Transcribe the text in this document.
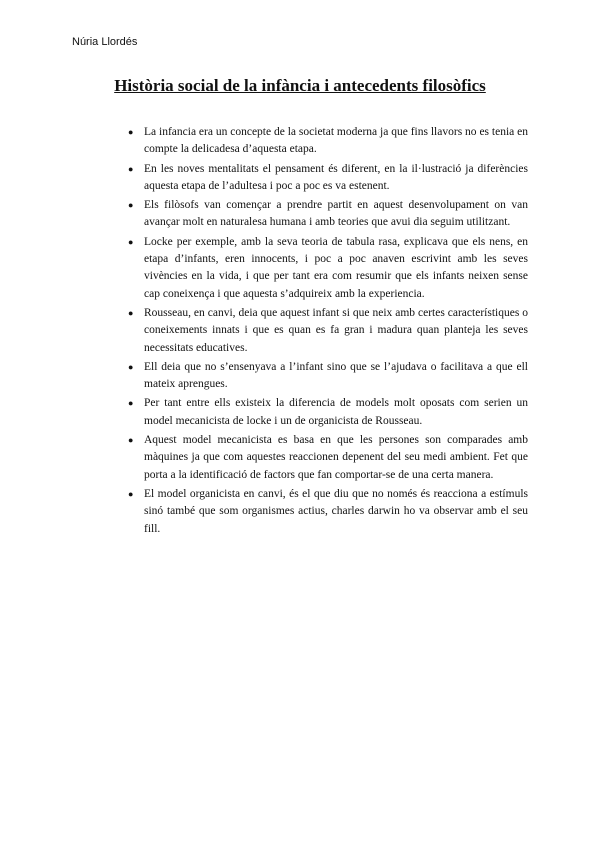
Núria Llordés
Història social de la infància i antecedents filosòfics
● La infancia era un concepte de la societat moderna ja que fins llavors no es tenia en compte la delicadesa d’aquesta etapa.
● En les noves mentalitats el pensament és diferent, en la il·lustració ja diferències aquesta etapa de l’adultesa i poc a poc es va estenent.
● Els filòsofs van començar a prendre partit en aquest desenvolupament on van avançar molt en naturalesa humana i amb teories que avui dia seguim utilitzant.
● Locke per exemple, amb la seva teoria de tabula rasa, explicava que els nens, en etapa d’infants, eren innocents, i poc a poc anaven escrivint amb les seves vivències en la vida, i que per tant era com resumir que els infants neixen sense cap coneixença i que aquesta s’adquireix amb la experiencia.
● Rousseau, en canvi, deia que aquest infant si que neix amb certes característiques o coneixements innats i que es quan es fa gran i madura quan planteja les seves necessitats educatives.
● Ell deia que no s’ensenyava a l’infant sino que se l’ajudava o facilitava a que ell mateix aprengues.
● Per tant entre ells existeix la diferencia de models molt oposats com serien un model mecanicista de locke i un de organicista de Rousseau.
● Aquest model mecanicista es basa en que les persones son comparades amb màquines ja que com aquestes reaccionen depenent del seu medi ambient. Fet que porta a la identificació de factors que fan comportar-se de una certa manera.
● El model organicista en canvi, és el que diu que no només és reacciona a estímuls sinó també que som organismes actius, charles darwin ho va observar amb el seu fill.
